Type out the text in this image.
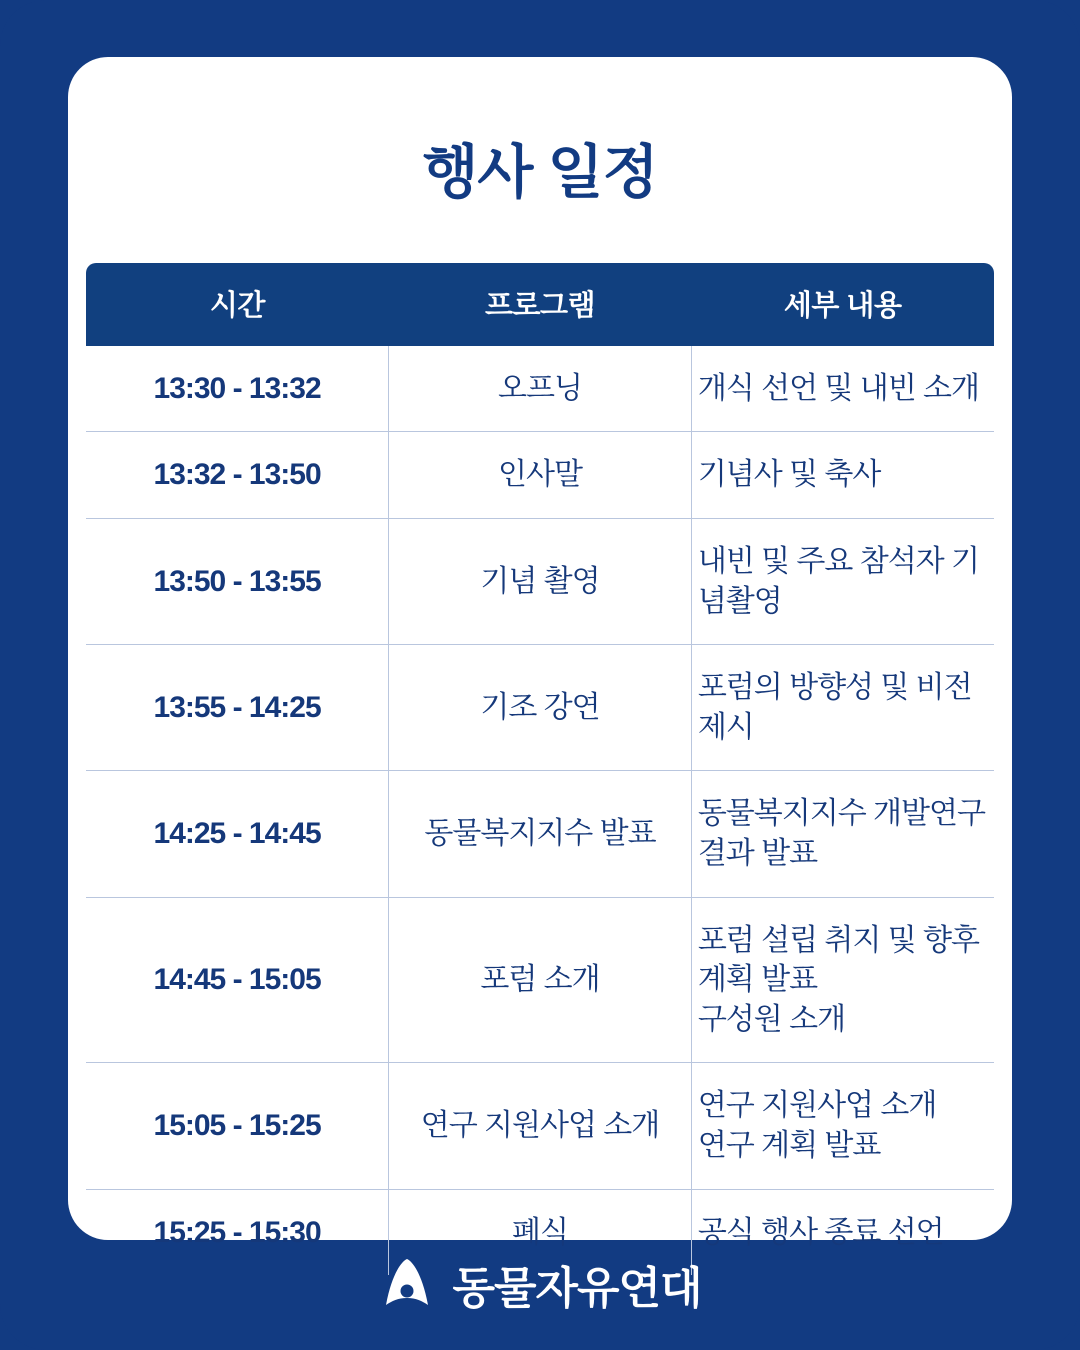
행사 일정
시간	프로그램	세부 내용
13:30 - 13:32	오프닝	개식 선언 및 내빈 소개

13:32 - 13:50	인사말	기념사 및 축사

13:50 - 13:55	기념 촬영	내빈 및 주요 참석자 기념촬영

13:55 - 14:25	기조 강연	포럼의 방향성 및 비전 제시

14:25 - 14:45	동물복지지수 발표	동물복지지수 개발연구 결과 발표

14:45 - 15:05	포럼 소개	포럼 설립 취지 및 향후 계획 발표
구성원 소개

15:05 - 15:25	연구 지원사업 소개	연구 지원사업 소개
연구 계획 발표

15:25 - 15:30	폐식	공식 행사 종료 선언
동물자유연대
